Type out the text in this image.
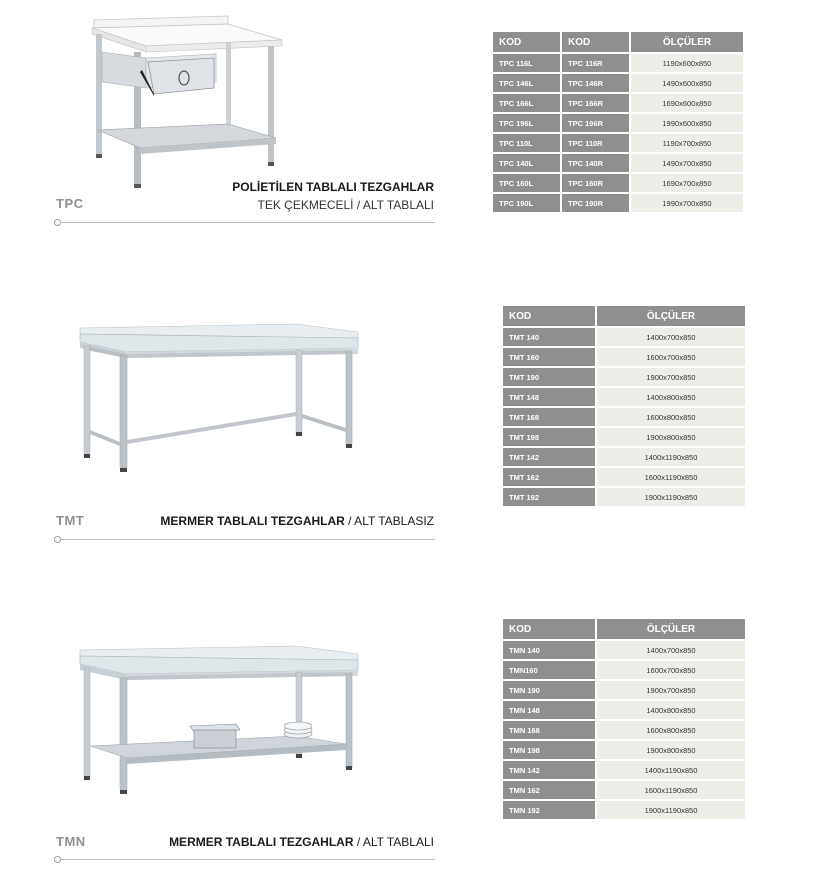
TPC
POLİETİLEN TABLALI TEZGAHLAR
TEK ÇEKMECELİ / ALT TABLALI
KOD	KOD	ÖLÇÜLER
TPC 116L	TPC 116R	1190x600x850
TPC 146L	TPC 146R	1490x600x850
TPC 166L	TPC 166R	1690x600x850
TPC 196L	TPC 196R	1990x600x850
TPC 110L	TPC 110R	1190x700x850
TPC 140L	TPC 140R	1490x700x850
TPC 160L	TPC 160R	1690x700x850
TPC 190L	TPC 190R	1990x700x850
TMT	MERMER TABLALI TEZGAHLAR / ALT TABLASIZ
KOD	ÖLÇÜLER
TMT 140	1400x700x850
TMT 160	1600x700x850
TMT 190	1900x700x850
TMT 148	1400x800x850
TMT 168	1600x800x850
TMT 198	1900x800x850
TMT 142	1400x1190x850
TMT 162	1600x1190x850
TMT 192	1900x1190x850
TMN	MERMER TABLALI TEZGAHLAR / ALT TABLALI
KOD	ÖLÇÜLER
TMN 140	1400x700x850
TMN160	1600x700x850
TMN 190	1900x700x850
TMN 148	1400x800x850
TMN 168	1600x800x850
TMN 198	1900x800x850
TMN 142	1400x1190x850
TMN 162	1600x1190x850
TMN 192	1900x1190x850
